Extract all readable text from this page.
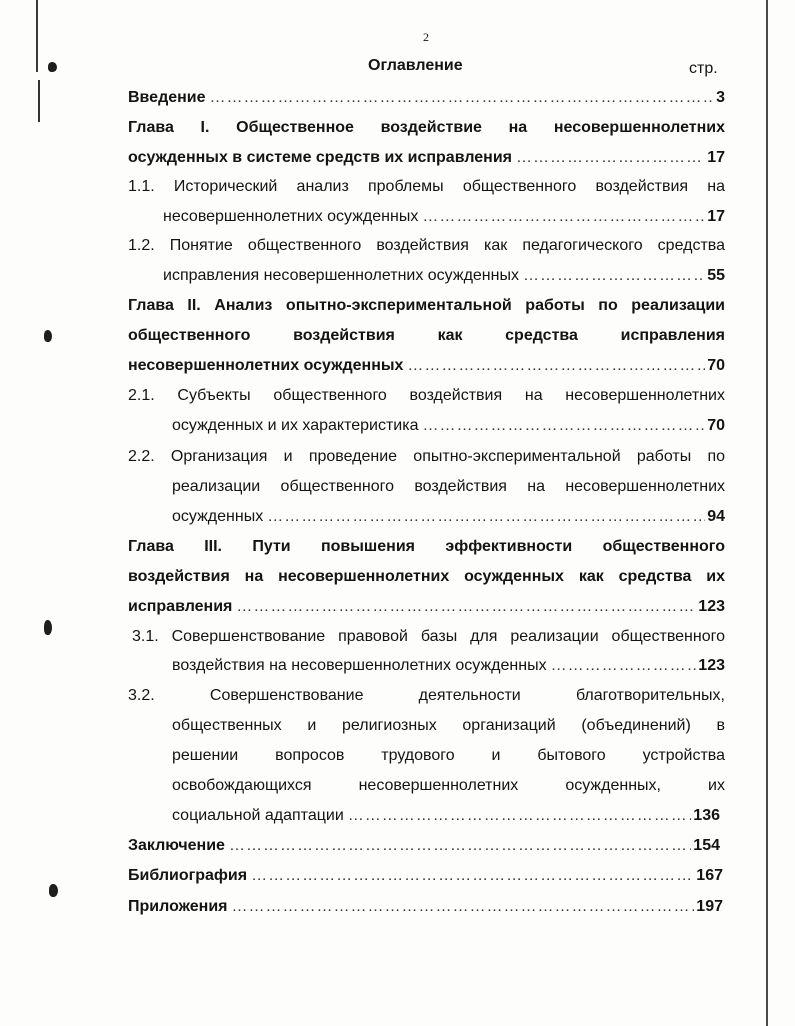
2
Оглавление	стр.
Введение ……………………………………………………………………………………………………………………………………………………………………	3
Глава I. Общественное воздействие на несовершеннолетних
осужденных в системе средств их исправления ……………………………………………………………………………………………………………………………………………………………………	17
1.1. Исторический анализ проблемы общественного воздействия на
несовершеннолетних осужденных ……………………………………………………………………………………………………………………………………………………………………	17
1.2. Понятие общественного воздействия как педагогического средства
исправления несовершеннолетних осужденных ……………………………………………………………………………………………………………………………………………………………………	55
Глава II. Анализ опытно-экспериментальной работы по реализации
общественного воздействия как средства исправления
несовершеннолетних осужденных ……………………………………………………………………………………………………………………………………………………………………	70
2.1. Субъекты общественного воздействия на несовершеннолетних
осужденных и их характеристика ……………………………………………………………………………………………………………………………………………………………………	70
2.2. Организация и проведение опытно-экспериментальной работы по
реализации общественного воздействия на несовершеннолетних
осужденных ……………………………………………………………………………………………………………………………………………………………………	94
Глава III. Пути повышения эффективности общественного
воздействия на несовершеннолетних осужденных как средства их
исправления ……………………………………………………………………………………………………………………………………………………………………	123
3.1. Совершенствование правовой базы для реализации общественного
воздействия на несовершеннолетних осужденных ……………………………………………………………………………………………………………………………………………………………………	123
3.2. Совершенствование деятельности благотворительных,
общественных и религиозных организаций (объединений) в
решении вопросов трудового и бытового устройства
освобождающихся несовершеннолетних осужденных, их
социальной адаптации ……………………………………………………………………………………………………………………………………………………………………	136
Заключение ……………………………………………………………………………………………………………………………………………………………………	154
Библиография ……………………………………………………………………………………………………………………………………………………………………	167
Приложения ……………………………………………………………………………………………………………………………………………………………………	197
